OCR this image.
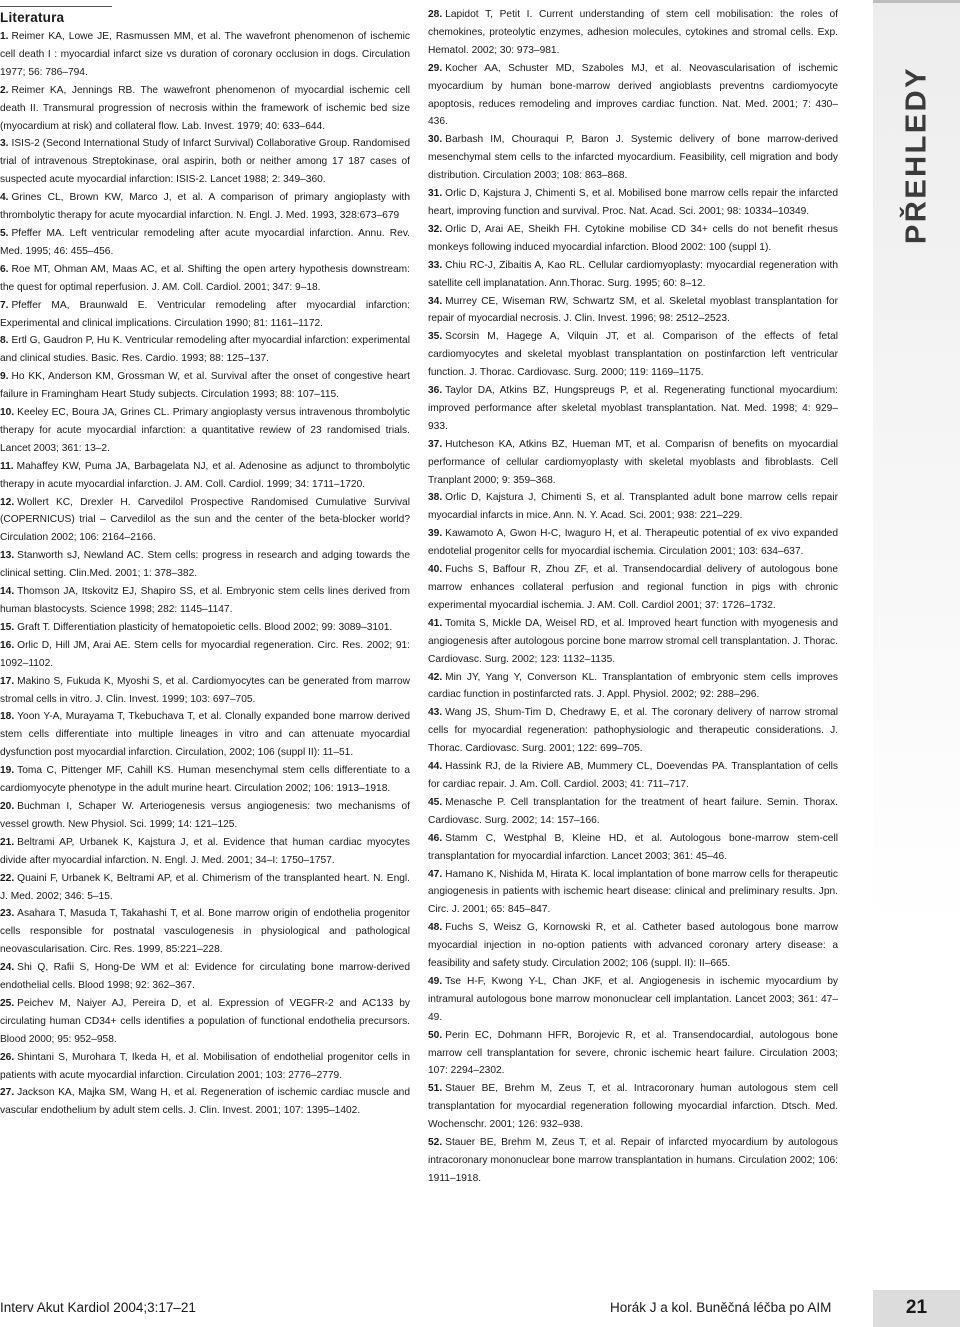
PŘEHLEDY
Literatura

1. Reimer KA, Lowe JE, Rasmussen MM, et al. The wavefront phenomenon of ischemic cell death I : myocardial infarct size vs duration of coronary occlusion in dogs. Circulation 1977; 56: 786–794.

2. Reimer KA, Jennings RB. The wawefront phenomenon of myocardial ischemic cell death II. Transmural progression of necrosis within the framework of ischemic bed size (myocardium at risk) and collateral flow. Lab. Invest. 1979; 40: 633–644.

3. ISIS-2 (Second International Study of Infarct Survival) Collaborative Group. Randomised trial of intravenous Streptokinase, oral aspirin, both or neither among 17 187 cases of suspected acute myocardial infarction: ISIS-2. Lancet 1988; 2: 349–360.

4. Grines CL, Brown KW, Marco J, et al. A comparison of primary angioplasty with thrombolytic therapy for acute myocardial infarction. N. Engl. J. Med. 1993, 328:673–679

5. Pfeffer MA. Left ventricular remodeling after acute myocardial infarction. Annu. Rev. Med. 1995; 46: 455–456.

6. Roe MT, Ohman AM, Maas AC, et al. Shifting the open artery hypothesis downstream: the quest for optimal reperfusion. J. AM. Coll. Cardiol. 2001; 347: 9–18.

7. Pfeffer MA, Braunwald E. Ventricular remodeling after myocardial infarction: Experimental and clinical implications. Circulation 1990; 81: 1161–1172.

8. Ertl G, Gaudron P, Hu K. Ventricular remodeling after myocardial infarction: experimental and clinical studies. Basic. Res. Cardio. 1993; 88: 125–137.

9. Ho KK, Anderson KM, Grossman W, et al. Survival after the onset of congestive heart failure in Framingham Heart Study subjects. Circulation 1993; 88: 107–115.

10. Keeley EC, Boura JA, Grines CL. Primary angioplasty versus intravenous thrombolytic therapy for acute myocardial infarction: a quantitative rewiew of 23 randomised trials. Lancet 2003; 361: 13–2.

11. Mahaffey KW, Puma JA, Barbagelata NJ, et al. Adenosine as adjunct to thrombolytic therapy in acute myocardial infarction. J. AM. Coll. Cardiol. 1999; 34: 1711–1720.

12. Wollert KC, Drexler H. Carvedilol Prospective Randomised Cumulative Survival (COPERNICUS) trial – Carvedilol as the sun and the center of the beta-blocker world? Circulation 2002; 106: 2164–2166.

13. Stanworth sJ, Newland AC. Stem cells: progress in research and adging towards the clinical setting. Clin.Med. 2001; 1: 378–382.

14. Thomson JA, Itskovitz EJ, Shapiro SS, et al. Embryonic stem cells lines derived from human blastocysts. Science 1998; 282: 1145–1147.

15. Graft T. Differentiation plasticity of hematopoietic cells. Blood 2002; 99: 3089–3101.

16. Orlic D, Hill JM, Arai AE. Stem cells for myocardial regeneration. Circ. Res. 2002; 91: 1092–1102.

17. Makino S, Fukuda K, Myoshi S, et al. Cardiomyocytes can be generated from marrow stromal cells in vitro. J. Clin. Invest. 1999; 103: 697–705.

18. Yoon Y-A, Murayama T, Tkebuchava T, et al. Clonally expanded bone marrow derived stem cells differentiate into multiple lineages in vitro and can attenuate myocardial dysfunction post myocardial infarction. Circulation, 2002; 106 (suppl II): 11–51.

19. Toma C, Pittenger MF, Cahill KS. Human mesenchymal stem cells differentiate to a cardiomyocyte phenotype in the adult murine heart. Circulation 2002; 106: 1913–1918.

20. Buchman I, Schaper W. Arteriogenesis versus angiogenesis: two mechanisms of vessel growth. New Physiol. Sci. 1999; 14: 121–125.

21. Beltrami AP, Urbanek K, Kajstura J, et al. Evidence that human cardiac myocytes divide after myocardial infarction. N. Engl. J. Med. 2001; 34–I: 1750–1757.

22. Quaini F, Urbanek K, Beltrami AP, et al. Chimerism of the transplanted heart. N. Engl. J. Med. 2002; 346: 5–15.

23. Asahara T, Masuda T, Takahashi T, et al. Bone marrow origin of endothelia progenitor cells responsible for postnatal vasculogenesis in physiological and pathological neovascularisation. Circ. Res. 1999, 85:221–228.

24. Shi Q, Rafii S, Hong-De WM et al: Evidence for circulating bone marrow-derived endothelial cells. Blood 1998; 92: 362–367.

25. Peichev M, Naiyer AJ, Pereira D, et al. Expression of VEGFR-2 and AC133 by circulating human CD34+ cells identifies a population of functional endothelia precursors. Blood 2000; 95: 952–958.

26. Shintani S, Murohara T, Ikeda H, et al. Mobilisation of endothelial progenitor cells in patients with acute myocardial infarction. Circulation 2001; 103: 2776–2779.

27. Jackson KA, Majka SM, Wang H, et al. Regeneration of ischemic cardiac muscle and vascular endothelium by adult stem cells. J. Clin. Invest. 2001; 107: 1395–1402.

28. Lapidot T, Petit I. Current understanding of stem cell mobilisation: the roles of chemokines, proteolytic enzymes, adhesion molecules, cytokines and stromal cells. Exp. Hematol. 2002; 30: 973–981.

29. Kocher AA, Schuster MD, Szaboles MJ, et al. Neovascularisation of ischemic myocardium by human bone-marrow derived angioblasts preventns cardiomyocyte apoptosis, reduces remodeling and improves cardiac function. Nat. Med. 2001; 7: 430–436.

30. Barbash IM, Chouraqui P, Baron J. Systemic delivery of bone marrow-derived mesenchymal stem cells to the infarcted myocardium. Feasibility, cell migration and body distribution. Circulation 2003; 108: 863–868.

31. Orlic D, Kajstura J, Chimenti S, et al. Mobilised bone marrow cells repair the infarcted heart, improving function and survival. Proc. Nat. Acad. Sci. 2001; 98: 10334–10349.

32. Orlic D, Arai AE, Sheikh FH. Cytokine mobilise CD 34+ cells do not benefit rhesus monkeys following induced myocardial infarction. Blood 2002: 100 (suppl 1).

33. Chiu RC-J, Zibaitis A, Kao RL. Cellular cardiomyoplasty: myocardial regeneration with satellite cell implanatation. Ann.Thorac. Surg. 1995; 60: 8–12.

34. Murrey CE, Wiseman RW, Schwartz SM, et al. Skeletal myoblast transplantation for repair of myocardial necrosis. J. Clin. Invest. 1996; 98: 2512–2523.

35. Scorsin M, Hagege A, Vilquin JT, et al. Comparison of the effects of fetal cardiomyocytes and skeletal myoblast transplantation on postinfarction left ventricular function. J. Thorac. Cardiovasc. Surg. 2000; 119: 1169–1175.

36. Taylor DA, Atkins BZ, Hungspreugs P, et al. Regenerating functional myocardium: improved performance after skeletal myoblast transplantation. Nat. Med. 1998; 4: 929–933.

37. Hutcheson KA, Atkins BZ, Hueman MT, et al. Comparisn of benefits on myocardial performance of cellular cardiomyoplasty with skeletal myoblasts and fibroblasts. Cell Tranplant 2000; 9: 359–368.

38. Orlic D, Kajstura J, Chimenti S, et al. Transplanted adult bone marrow cells repair myocardial infarcts in mice. Ann. N. Y. Acad. Sci. 2001; 938: 221–229.

39. Kawamoto A, Gwon H-C, Iwaguro H, et al. Therapeutic potential of ex vivo expanded endotelial progenitor cells for myocardial ischemia. Circulation 2001; 103: 634–637.

40. Fuchs S, Baffour R, Zhou ZF, et al. Transendocardial delivery of autologous bone marrow enhances collateral perfusion and regional function in pigs with chronic experimental myocardial ischemia. J. AM. Coll. Cardiol 2001; 37: 1726–1732.

41. Tomita S, Mickle DA, Weisel RD, et al. Improved heart function with myogenesis and angiogenesis after autologous porcine bone marrow stromal cell transplantation. J. Thorac. Cardiovasc. Surg. 2002; 123: 1132–1135.

42. Min JY, Yang Y, Converson KL. Transplantation of embryonic stem cells improves cardiac function in postinfarcted rats. J. Appl. Physiol. 2002; 92: 288–296.

43. Wang JS, Shum-Tim D, Chedrawy E, et al. The coronary delivery of narrow stromal cells for myocardial regeneration: pathophysiologic and therapeutic considerations. J. Thorac. Cardiovasc. Surg. 2001; 122: 699–705.

44. Hassink RJ, de la Riviere AB, Mummery CL, Doevendas PA. Transplantation of cells for cardiac repair. J. Am. Coll. Cardiol. 2003; 41: 711–717.

45. Menasche P. Cell transplantation for the treatment of heart failure. Semin. Thorax. Cardiovasc. Surg. 2002; 14: 157–166.

46. Stamm C, Westphal B, Kleine HD, et al. Autologous bone-marrow stem-cell transplantation for myocardial infarction. Lancet 2003; 361: 45–46.

47. Hamano K, Nishida M, Hirata K. local implantation of bone marrow cells for therapeutic angiogenesis in patients with ischemic heart disease: clinical and preliminary results. Jpn. Circ. J. 2001; 65: 845–847.

48. Fuchs S, Weisz G, Kornowski R, et al. Catheter based autologous bone marrow myocardial injection in no-option patients with advanced coronary artery disease: a feasibility and safety study. Circulation 2002; 106 (suppl. II): II–665.

49. Tse H-F, Kwong Y-L, Chan JKF, et al. Angiogenesis in ischemic myocardium by intramural autologous bone marrow mononuclear cell implantation. Lancet 2003; 361: 47–49.

50. Perin EC, Dohmann HFR, Borojevic R, et al. Transendocardial, autologous bone marrow cell transplantation for severe, chronic ischemic heart failure. Circulation 2003; 107: 2294–2302.

51. Stauer BE, Brehm M, Zeus T, et al. Intracoronary human autologous stem cell transplantation for myocardial regeneration following myocardial infarction. Dtsch. Med. Wochenschr. 2001; 126: 932–938.

52. Stauer BE, Brehm M, Zeus T, et al. Repair of infarcted myocardium by autologous intracoronary mononuclear bone marrow transplantation in humans. Circulation 2002; 106: 1911–1918.

Interv Akut Kardiol 2004;3:17–21	Horák J a kol. Buněčná léčba po AIM	21
